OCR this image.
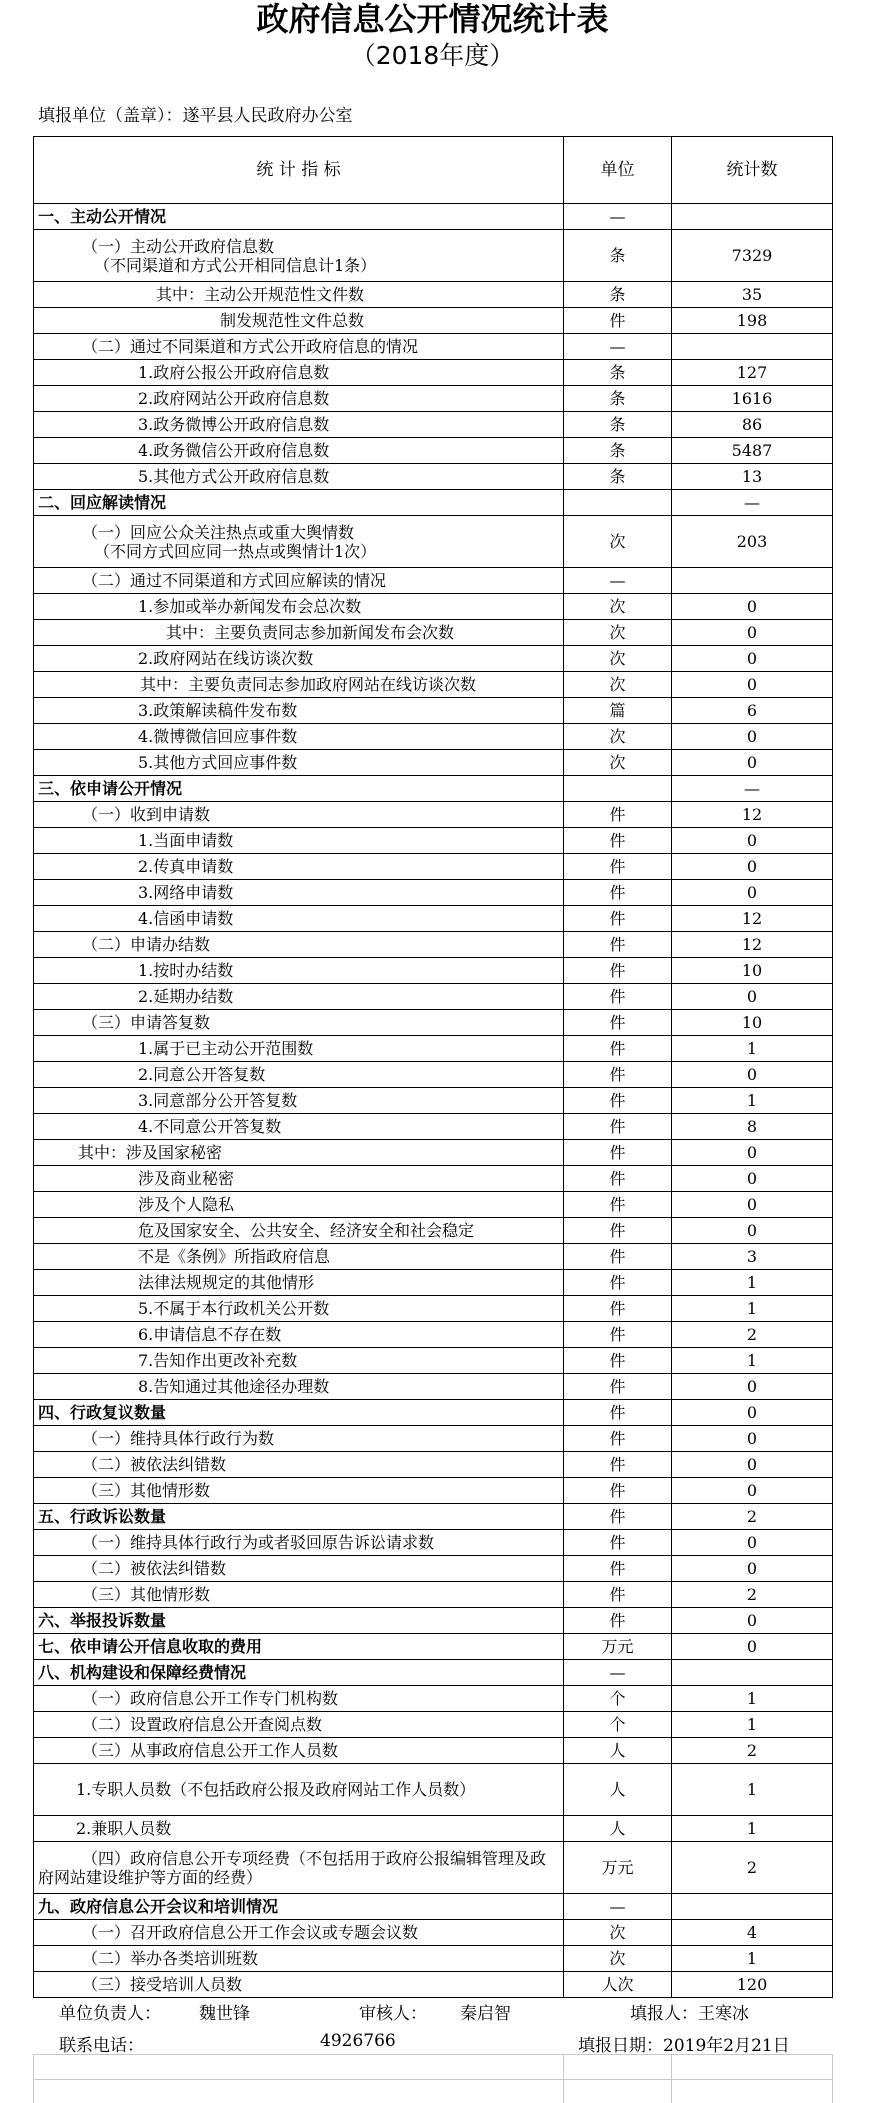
政府信息公开情况统计表
（2018年度）
填报单位（盖章）：遂平县人民政府办公室
统 计 指 标	单位	统计数

一、主动公开情况	—	

（一）主动公开政府信息数
（不同渠道和方式公开相同信息计1条）	条	7329

其中：主动公开规范性文件数	条	35

制发规范性文件总数	件	198

（二）通过不同渠道和方式公开政府信息的情况	—	

1.政府公报公开政府信息数	条	127

2.政府网站公开政府信息数	条	1616

3.政务微博公开政府信息数	条	86

4.政务微信公开政府信息数	条	5487

5.其他方式公开政府信息数	条	13

二、回应解读情况		—

（一）回应公众关注热点或重大舆情数
（不同方式回应同一热点或舆情计1次）	次	203

（二）通过不同渠道和方式回应解读的情况	—	

1.参加或举办新闻发布会总次数	次	0

其中：主要负责同志参加新闻发布会次数	次	0

2.政府网站在线访谈次数	次	0

其中：主要负责同志参加政府网站在线访谈次数	次	0

3.政策解读稿件发布数	篇	6

4.微博微信回应事件数	次	0

5.其他方式回应事件数	次	0

三、依申请公开情况		—

（一）收到申请数	件	12

1.当面申请数	件	0

2.传真申请数	件	0

3.网络申请数	件	0

4.信函申请数	件	12

（二）申请办结数	件	12

1.按时办结数	件	10

2.延期办结数	件	0

（三）申请答复数	件	10

1.属于已主动公开范围数	件	1

2.同意公开答复数	件	0

3.同意部分公开答复数	件	1

4.不同意公开答复数	件	8

其中：涉及国家秘密	件	0

涉及商业秘密	件	0

涉及个人隐私	件	0

危及国家安全、公共安全、经济安全和社会稳定	件	0

不是《条例》所指政府信息	件	3

法律法规规定的其他情形	件	1

5.不属于本行政机关公开数	件	1

6.申请信息不存在数	件	2

7.告知作出更改补充数	件	1

8.告知通过其他途径办理数	件	0

四、行政复议数量	件	0

（一）维持具体行政行为数	件	0

（二）被依法纠错数	件	0

（三）其他情形数	件	0

五、行政诉讼数量	件	2

（一）维持具体行政行为或者驳回原告诉讼请求数	件	0

（二）被依法纠错数	件	0

（三）其他情形数	件	2

六、举报投诉数量	件	0

七、依申请公开信息收取的费用	万元	0

八、机构建设和保障经费情况	—	

（一）政府信息公开工作专门机构数	个	1

（二）设置政府信息公开查阅点数	个	1

（三）从事政府信息公开工作人员数	人	2

1.专职人员数（不包括政府公报及政府网站工作人员数）	人	1

2.兼职人员数	人	1

（四）政府信息公开专项经费（不包括用于政府公报编辑管理及政府网站建设维护等方面的经费）	万元	2

九、政府信息公开会议和培训情况	—	

（一）召开政府信息公开工作会议或专题会议数	次	4

（二）举办各类培训班数	次	1

（三）接受培训人员数	人次	120
单位负责人： 魏世锋	审核人： 秦启智	填报人：王寒冰
联系电话：	4926766	填报日期：2019年2月21日
